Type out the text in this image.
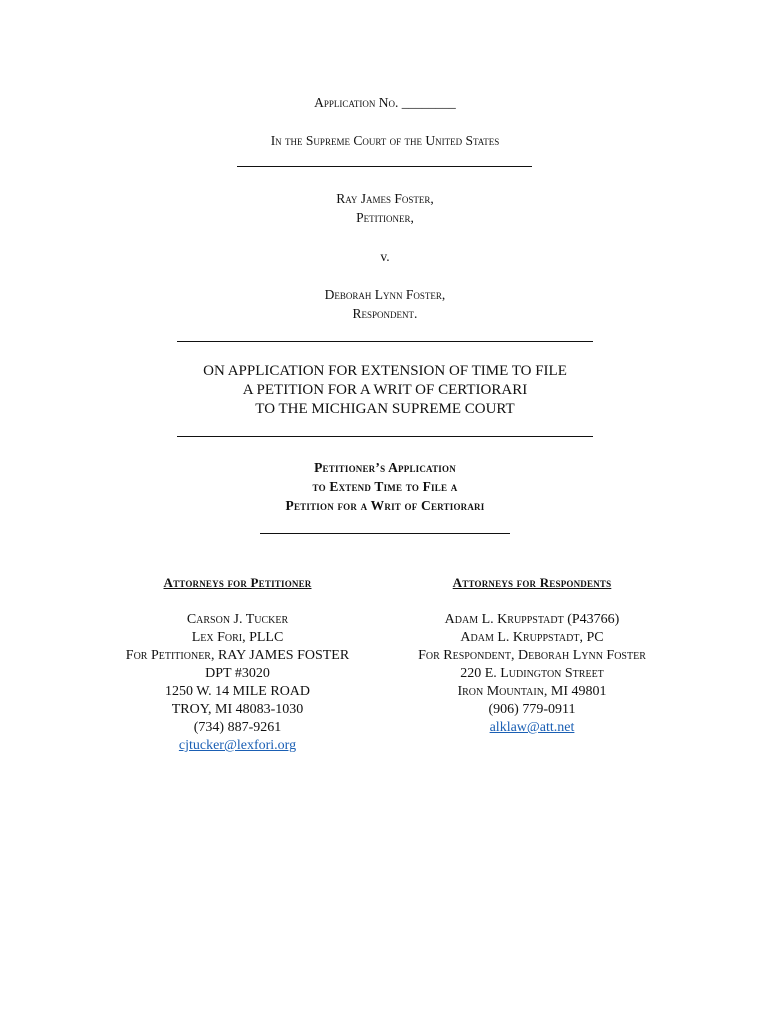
Application No. ________
In the Supreme Court of the United States
Ray James Foster,
Petitioner,
v.
Deborah Lynn Foster,
Respondent.
ON APPLICATION FOR EXTENSION OF TIME TO FILE
A PETITION FOR A WRIT OF CERTIORARI
TO THE MICHIGAN SUPREME COURT
Petitioner’s Application
to Extend Time to File a
Petition for a Writ of Certiorari
Attorneys for Petitioner
Carson J. Tucker
Lex Fori, PLLC
For Petitioner, RAY JAMES FOSTER
DPT #3020
1250 W. 14 MILE ROAD
TROY, MI 48083-1030
(734) 887-9261
cjtucker@lexfori.org
Attorneys for Respondents
Adam L. Kruppstadt (P43766)
Adam L. Kruppstadt, PC
For Respondent, Deborah Lynn Foster
220 E. Ludington Street
Iron Mountain, MI 49801
(906) 779-0911
alklaw@att.net
